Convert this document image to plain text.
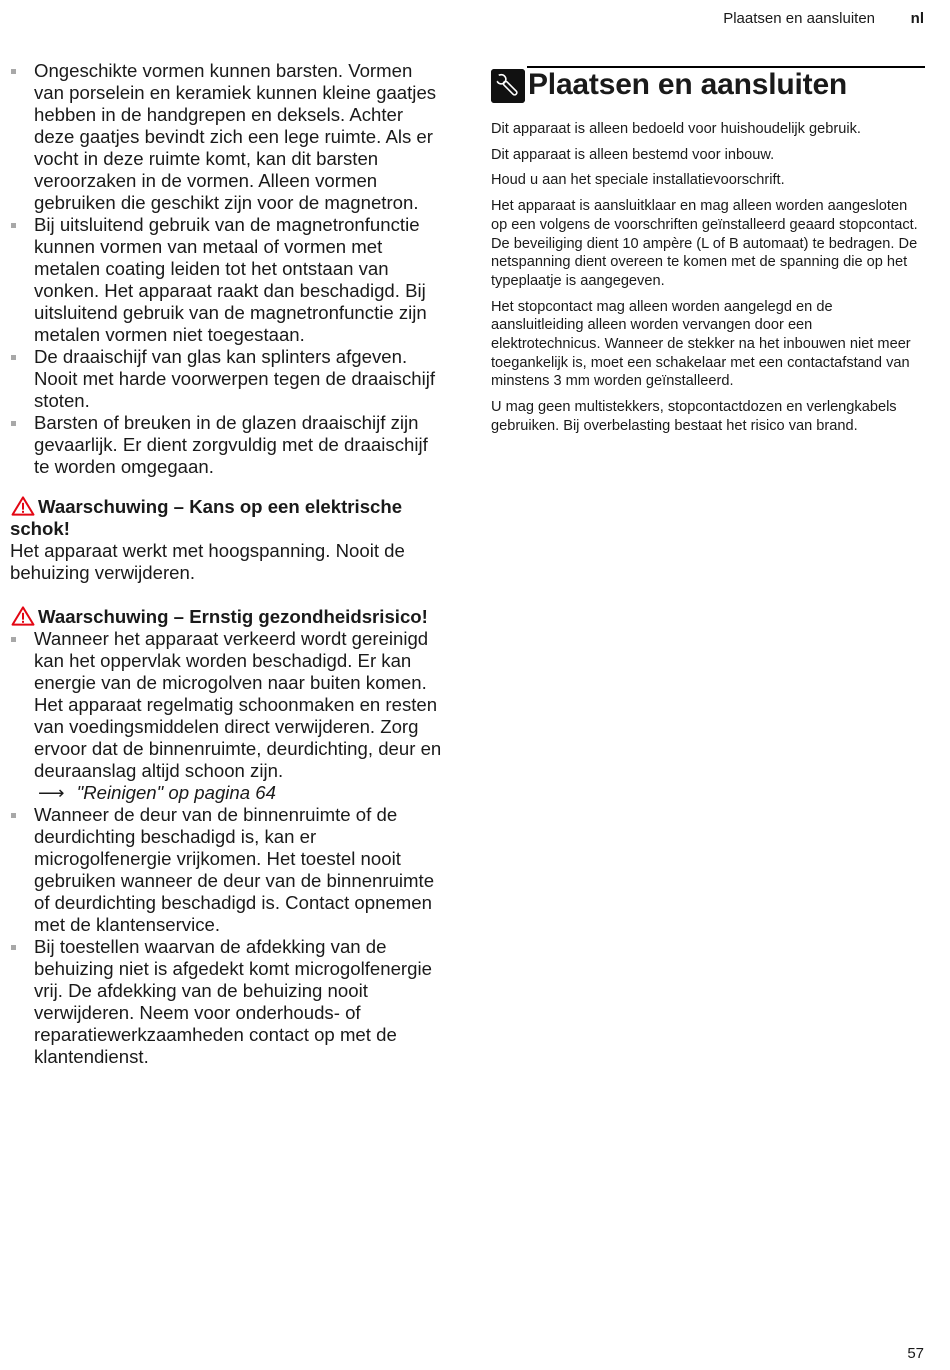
Plaatsen en aansluiten nl
Ongeschikte vormen kunnen barsten. Vormen van porselein en keramiek kunnen kleine gaatjes hebben in de handgrepen en deksels. Achter deze gaatjes bevindt zich een lege ruimte. Als er vocht in deze ruimte komt, kan dit barsten veroorzaken in de vormen. Alleen vormen gebruiken die geschikt zijn voor de magnetron.
Bij uitsluitend gebruik van de magnetronfunctie kunnen vormen van metaal of vormen met metalen coating leiden tot het ontstaan van vonken. Het apparaat raakt dan beschadigd. Bij uitsluitend gebruik van de magnetronfunctie zijn metalen vormen niet toegestaan.
De draaischijf van glas kan splinters afgeven. Nooit met harde voorwerpen tegen de draaischijf stoten.
Barsten of breuken in de glazen draaischijf zijn gevaarlijk. Er dient zorgvuldig met de draaischijf te worden omgegaan.
Waarschuwing – Kans op een elektrische schok!
Het apparaat werkt met hoogspanning. Nooit de behuizing verwijderen.
Waarschuwing – Ernstig gezondheidsrisico!
Wanneer het apparaat verkeerd wordt gereinigd kan het oppervlak worden beschadigd. Er kan energie van de microgolven naar buiten komen. Het apparaat regelmatig schoonmaken en resten van voedingsmiddelen direct verwijderen. Zorg ervoor dat de binnenruimte, deurdichting, deur en deuraanslag altijd schoon zijn.
⟶ "Reinigen" op pagina 64
Wanneer de deur van de binnenruimte of de deurdichting beschadigd is, kan er microgolfenergie vrijkomen. Het toestel nooit gebruiken wanneer de deur van de binnenruimte of deurdichting beschadigd is. Contact opnemen met de klantenservice.
Bij toestellen waarvan de afdekking van de behuizing niet is afgedekt komt microgolfenergie vrij. De afdekking van de behuizing nooit verwijderen. Neem voor onderhouds- of reparatiewerkzaamheden contact op met de klantendienst.
Plaatsen en aansluiten

Dit apparaat is alleen bedoeld voor huishoudelijk gebruik.

Dit apparaat is alleen bestemd voor inbouw.

Houd u aan het speciale installatievoorschrift.

Het apparaat is aansluitklaar en mag alleen worden aangesloten op een volgens de voorschriften geïnstalleerd geaard stopcontact. De beveiliging dient 10 ampère (L of B automaat) te bedragen. De netspanning dient overeen te komen met de spanning die op het typeplaatje is aangegeven.

Het stopcontact mag alleen worden aangelegd en de aansluitleiding alleen worden vervangen door een elektrotechnicus. Wanneer de stekker na het inbouwen niet meer toegankelijk is, moet een schakelaar met een contactafstand van minstens 3 mm worden geïnstalleerd.

U mag geen multistekkers, stopcontactdozen en verlengkabels gebruiken. Bij overbelasting bestaat het risico van brand.

57
